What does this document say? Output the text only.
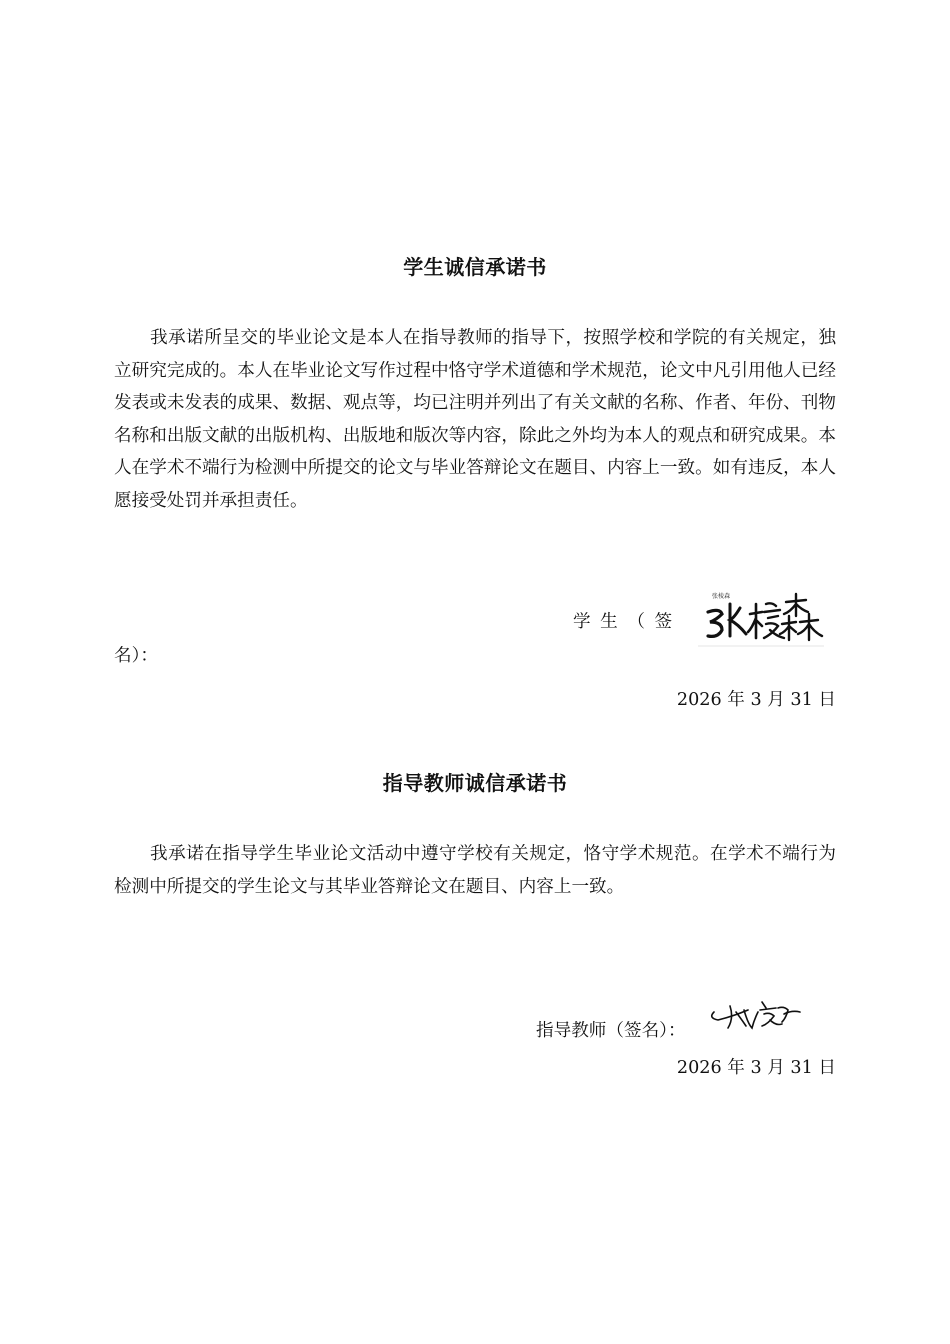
学生诚信承诺书

我承诺所呈交的毕业论文是本人在指导教师的指导下，按照学校和学院的有关规定，独立研究完成的。本人在毕业论文写作过程中恪守学术道德和学术规范，论文中凡引用他人已经发表或未发表的成果、数据、观点等，均已注明并列出了有关文献的名称、作者、年份、刊物名称和出版文献的出版机构、出版地和版次等内容，除此之外均为本人的观点和研究成果。本人在学术不端行为检测中所提交的论文与毕业答辩论文在题目、内容上一致。如有违反，本人愿接受处罚并承担责任。

学 生 （ 签
张棱森
名）：
2026 年 3 月 31 日
指导教师诚信承诺书

我承诺在指导学生毕业论文活动中遵守学校有关规定，恪守学术规范。在学术不端行为检测中所提交的学生论文与其毕业答辩论文在题目、内容上一致。

指导教师（签名）：
2026 年 3 月 31 日
